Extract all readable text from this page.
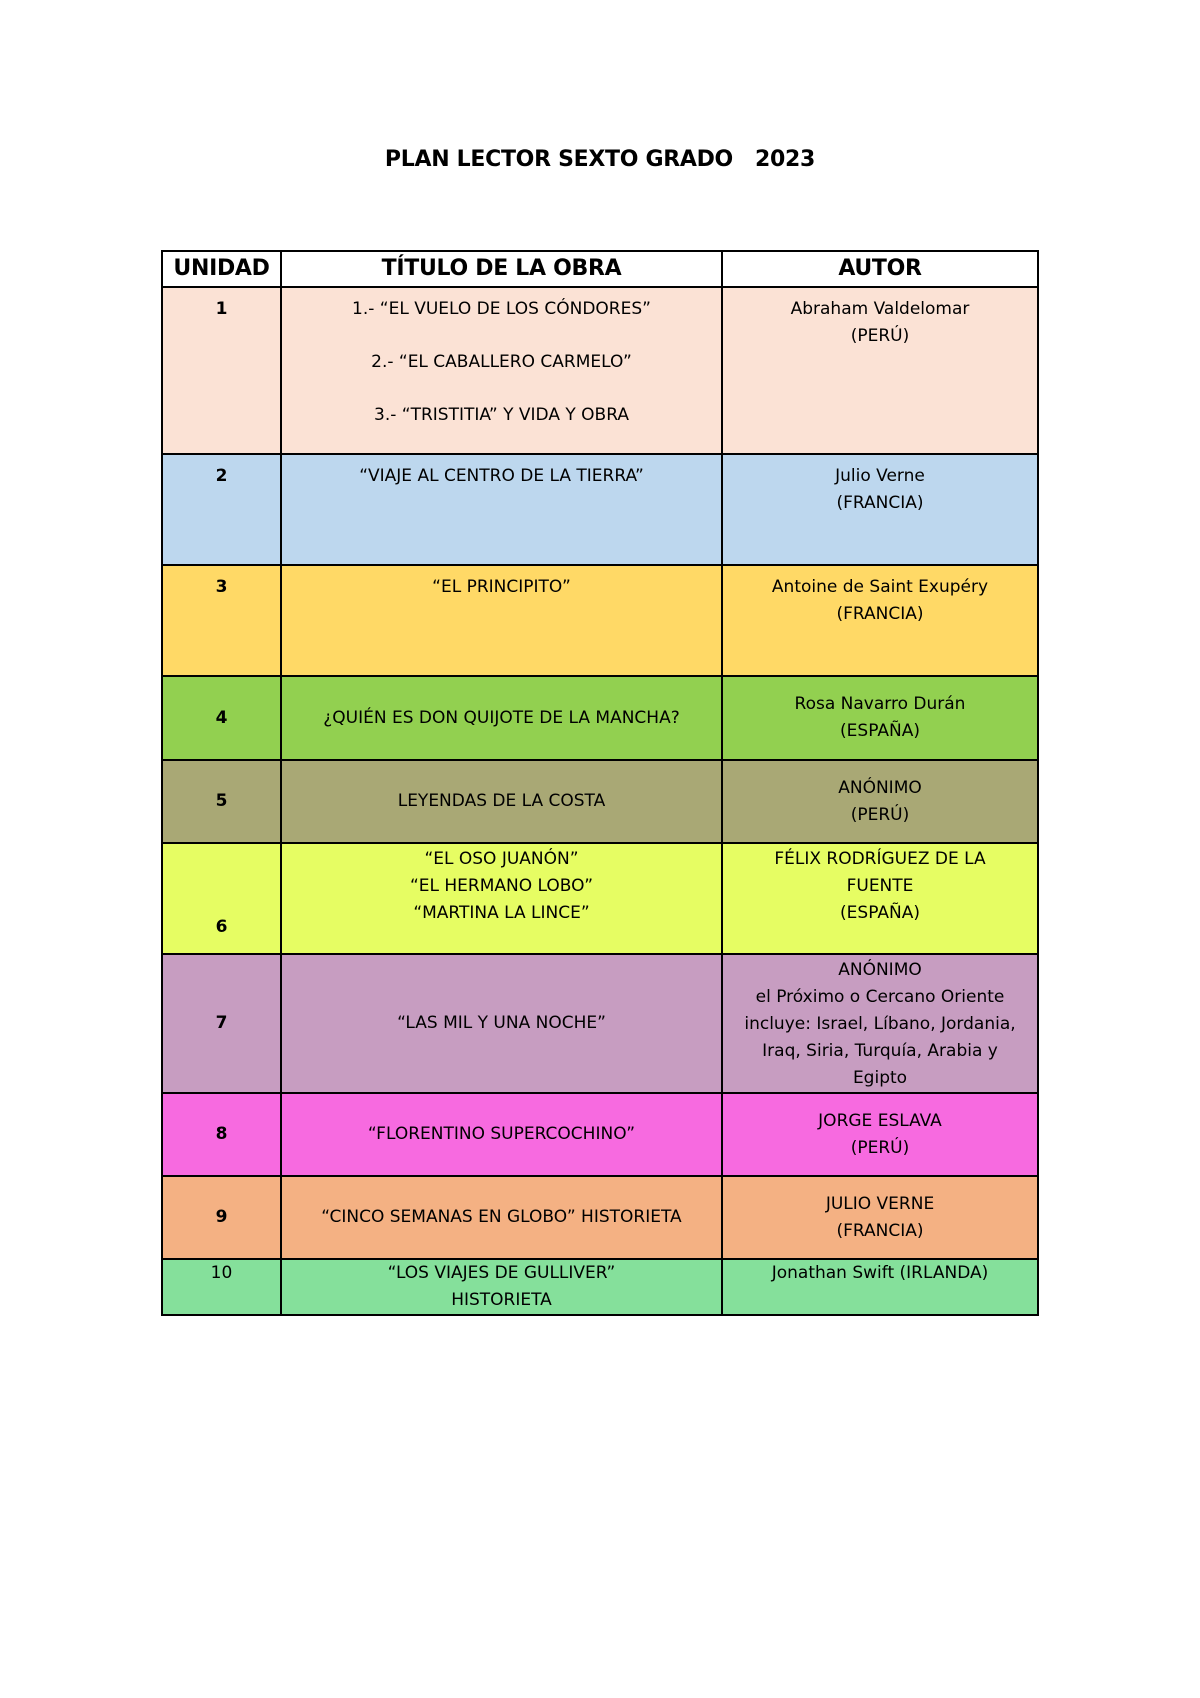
PLAN LECTOR SEXTO GRADO   2023
UNIDAD	TÍTULO DE LA OBRA	AUTOR
1	1.- “EL VUELO DE LOS CÓNDORES”
2.- “EL CABALLERO CARMELO”
3.- “TRISTITIA” Y VIDA Y OBRA	Abraham Valdelomar
(PERÚ)

2	“VIAJE AL CENTRO DE LA TIERRA”	Julio Verne
(FRANCIA)

3	“EL PRINCIPITO”	Antoine de Saint Exupéry
(FRANCIA)

4	¿QUIÉN ES DON QUIJOTE DE LA MANCHA?	Rosa Navarro Durán
(ESPAÑA)

5	LEYENDAS DE LA COSTA	ANÓNIMO
(PERÚ)

6	“EL OSO JUANÓN”
“EL HERMANO LOBO”
“MARTINA LA LINCE”	FÉLIX RODRÍGUEZ DE LA
FUENTE
(ESPAÑA)

7	“LAS MIL Y UNA NOCHE”	ANÓNIMO
el Próximo o Cercano Oriente
incluye: Israel, Líbano, Jordania,
Iraq, Siria, Turquía, Arabia y
Egipto

8	“FLORENTINO SUPERCOCHINO”	JORGE ESLAVA
(PERÚ)

9	“CINCO SEMANAS EN GLOBO” HISTORIETA	JULIO VERNE
(FRANCIA)

10	“LOS VIAJES DE GULLIVER”
HISTORIETA	Jonathan Swift (IRLANDA)
